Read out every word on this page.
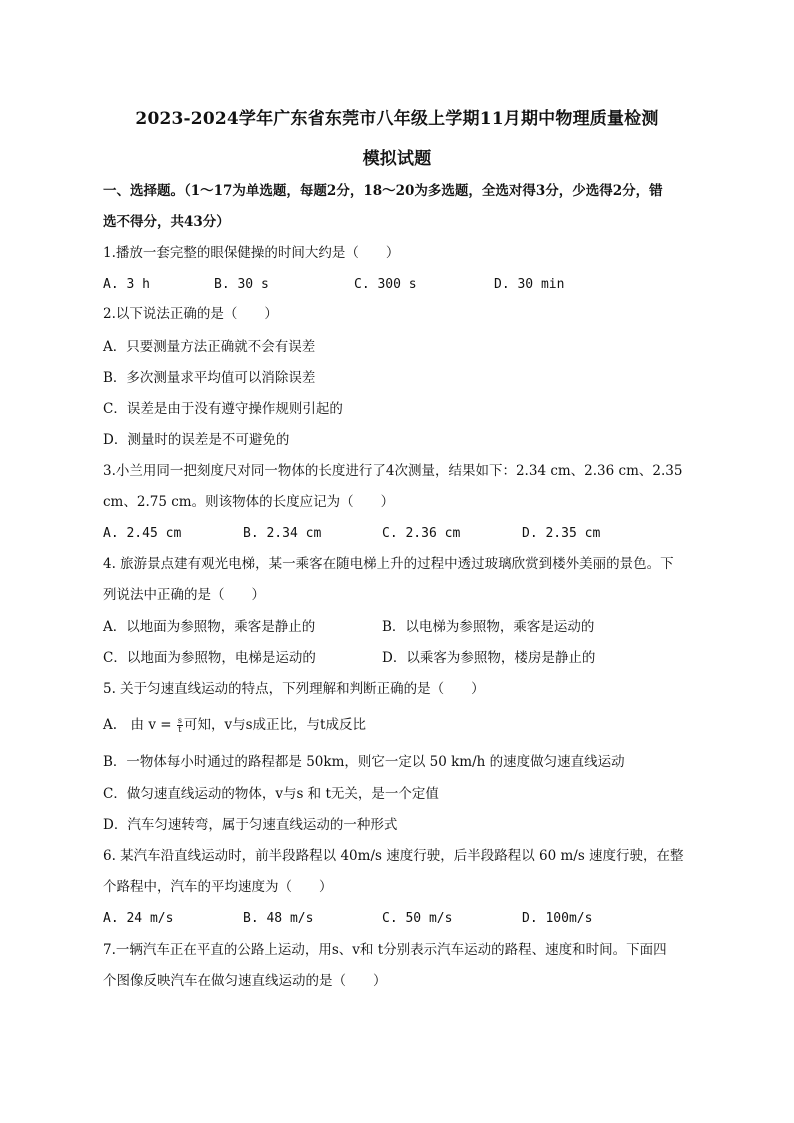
2023-2024学年广东省东莞市八年级上学期11月期中物理质量检测
模拟试题
一、选择题。（1～17为单选题，每题2分，18～20为多选题，全选对得3分，少选得2分，错
选不得分，共43分）
1.播放一套完整的眼保健操的时间大约是（　　）
A. 3 h	B. 30 s	C. 300 s	D. 30 min
2.以下说法正确的是（　　）
A．只要测量方法正确就不会有误差
B．多次测量求平均值可以消除误差
C．误差是由于没有遵守操作规则引起的
D．测量时的误差是不可避免的
3.小兰用同一把刻度尺对同一物体的长度进行了4次测量，结果如下：2.34 cm、2.36 cm、2.35
cm、2.75 cm。则该物体的长度应记为（　　）
A. 2.45 cm	B. 2.34 cm	C. 2.36 cm	D. 2.35 cm
4. 旅游景点建有观光电梯，某一乘客在随电梯上升的过程中透过玻璃欣赏到楼外美丽的景色。下
列说法中正确的是（　　）
A．以地面为参照物，乘客是静止的	B．以电梯为参照物，乘客是运动的
C．以地面为参照物，电梯是运动的	D．以乘客为参照物，楼房是静止的
5. 关于匀速直线运动的特点，下列理解和判断正确的是（　　）
A.　由 $v = \frac{s}{t}$ 可知，v与s成正比，与t成反比
B．一物体每小时通过的路程都是 50km，则它一定以 50 km/h 的速度做匀速直线运动
C．做匀速直线运动的物体，v与s 和 t无关，是一个定值
D．汽车匀速转弯，属于匀速直线运动的一种形式
6. 某汽车沿直线运动时，前半段路程以 40m/s 速度行驶，后半段路程以 60 m/s 速度行驶，在整
个路程中，汽车的平均速度为（　　）
A. 24 m/s	B. 48 m/s	C. 50 m/s	D. 100m/s
7.一辆汽车正在平直的公路上运动，用s、v和 t分别表示汽车运动的路程、速度和时间。下面四
个图像反映汽车在做匀速直线运动的是（　　）
